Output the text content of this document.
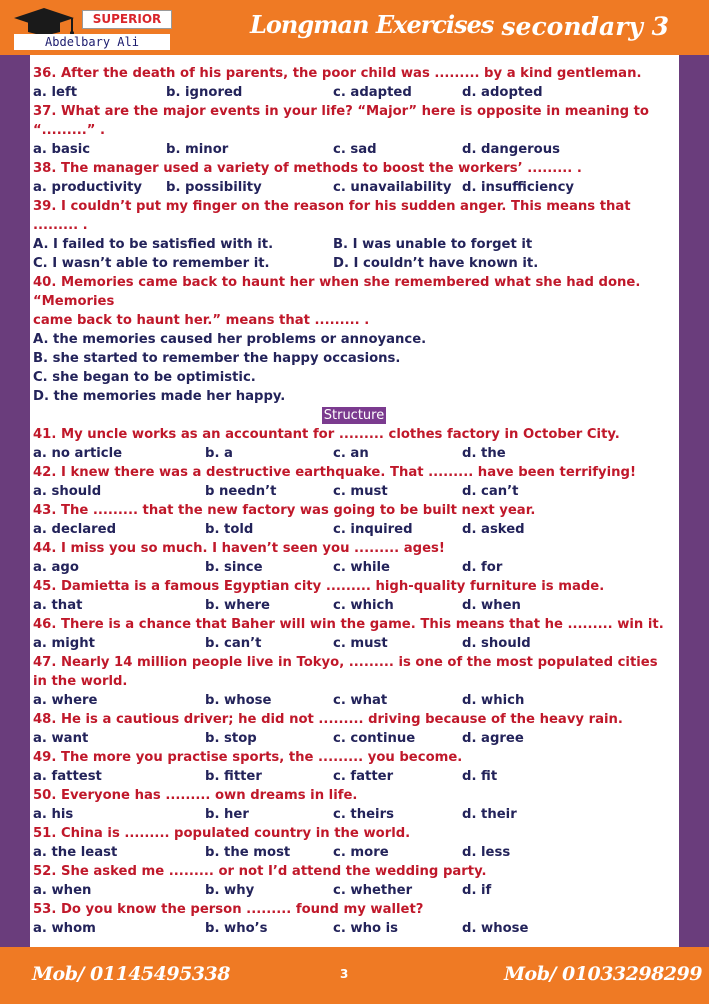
SUPERIOR
Abdelbary Ali
Longman Exercises secondary 3
36. After the death of his parents, the poor child was ......... by a kind gentleman.
a. left	b. ignored	c. adapted	d. adopted
37. What are the major events in your life? “Major” here is opposite in meaning to
“.........” .
a. basic	b. minor	c. sad	d. dangerous
38. The manager used a variety of methods to boost the workers’ ......... .
a. productivity b. possibility	c. unavailability d. insufficiency
39. I couldn’t put my finger on the reason for his sudden anger. This means that
......... .
A. I failed to be satisfied with it.	B. I was unable to forget it
C. I wasn’t able to remember it.	D. I couldn’t have known it.
40. Memories came back to haunt her when she remembered what she had done.
“Memories
came back to haunt her.” means that ......... .
A. the memories caused her problems or annoyance.
B. she started to remember the happy occasions.
C. she began to be optimistic.
D. the memories made her happy.
Structure
41. My uncle works as an accountant for ......... clothes factory in October City.
a. no article	b. a	c. an	d. the
42. I knew there was a destructive earthquake. That ......... have been terrifying!
a. should	b needn’t	c. must	d. can’t
43. The ......... that the new factory was going to be built next year.
a. declared	b. told	c. inquired	d. asked
44. I miss you so much. I haven’t seen you ......... ages!
a. ago	b. since	c. while	d. for
45. Damietta is a famous Egyptian city ......... high-quality furniture is made.
a. that	b. where	c. which	d. when
46. There is a chance that Baher will win the game. This means that he ......... win it.
a. might	b. can’t	c. must	d. should
47. Nearly 14 million people live in Tokyo, ......... is one of the most populated cities
in the world.
a. where	b. whose	c. what	d. which
48. He is a cautious driver; he did not ......... driving because of the heavy rain.
a. want	b. stop	c. continue	d. agree
49. The more you practise sports, the ......... you become.
a. fattest	b. fitter	c. fatter	d. fit
50. Everyone has ......... own dreams in life.
a. his	b. her	c. theirs	d. their
51. China is ......... populated country in the world.
a. the least	b. the most	c. more	d. less
52. She asked me ......... or not I’d attend the wedding party.
a. when	b. why	c. whether	d. if
53. Do you know the person ......... found my wallet?
a. whom	b. who’s	c. who is	d. whose
Mob/ 01145495338	3	Mob/ 01033298299
